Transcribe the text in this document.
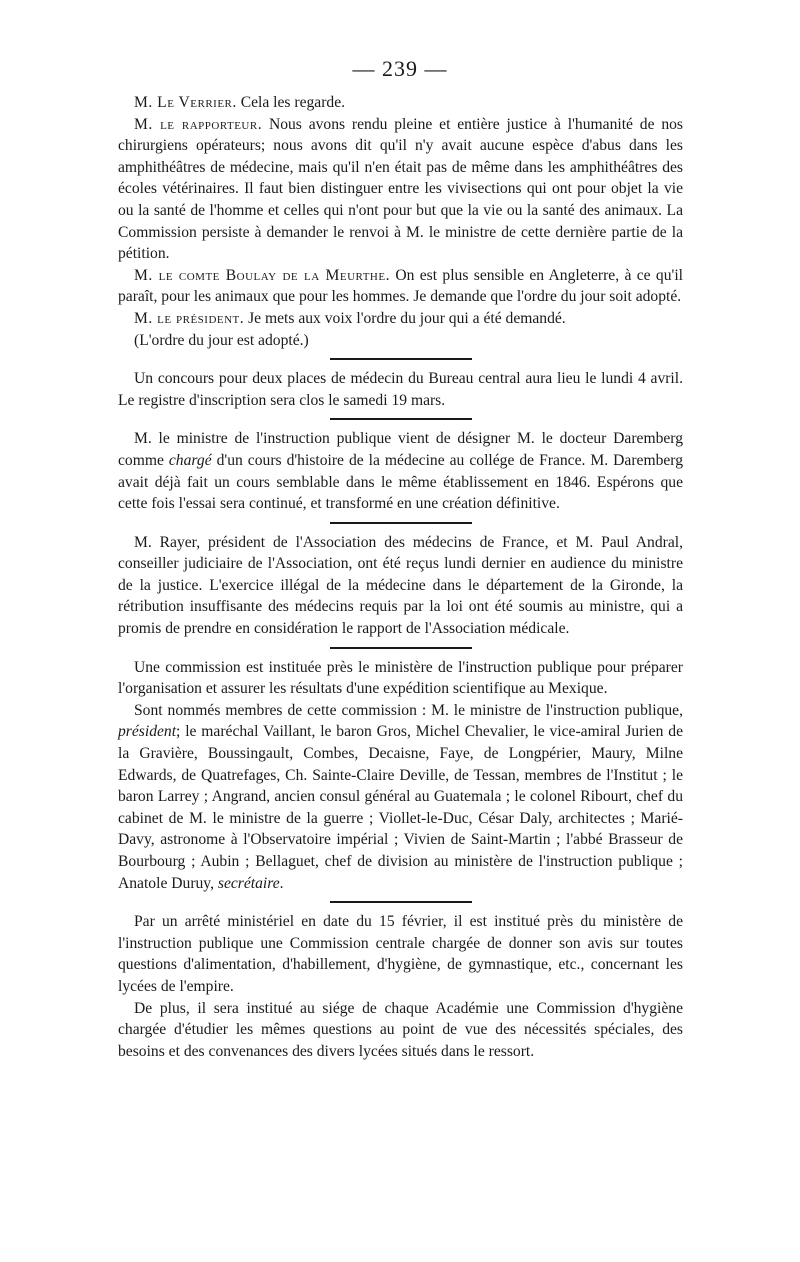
— 239 —

M. Le Verrier. Cela les regarde.

M. le rapporteur. Nous avons rendu pleine et entière justice à l'humanité de nos chirurgiens opérateurs; nous avons dit qu'il n'y avait aucune espèce d'abus dans les amphithéâtres de médecine, mais qu'il n'en était pas de même dans les amphithéâtres des écoles vétérinaires. Il faut bien distinguer entre les vivisections qui ont pour objet la vie ou la santé de l'homme et celles qui n'ont pour but que la vie ou la santé des animaux. La Commission persiste à demander le renvoi à M. le ministre de cette dernière partie de la pétition.

M. le comte Boulay de la Meurthe. On est plus sensible en Angleterre, à ce qu'il paraît, pour les animaux que pour les hommes. Je demande que l'ordre du jour soit adopté.

M. le président. Je mets aux voix l'ordre du jour qui a été demandé.

(L'ordre du jour est adopté.)

Un concours pour deux places de médecin du Bureau central aura lieu le lundi 4 avril. Le registre d'inscription sera clos le samedi 19 mars.

M. le ministre de l'instruction publique vient de désigner M. le docteur Daremberg comme chargé d'un cours d'histoire de la médecine au collége de France. M. Daremberg avait déjà fait un cours semblable dans le même établissement en 1846. Espérons que cette fois l'essai sera continué, et transformé en une création définitive.

M. Rayer, président de l'Association des médecins de France, et M. Paul Andral, conseiller judiciaire de l'Association, ont été reçus lundi dernier en audience du ministre de la justice. L'exercice illégal de la médecine dans le département de la Gironde, la rétribution insuffisante des médecins requis par la loi ont été soumis au ministre, qui a promis de prendre en considération le rapport de l'Association médicale.

Une commission est instituée près le ministère de l'instruction publique pour préparer l'organisation et assurer les résultats d'une expédition scientifique au Mexique.

Sont nommés membres de cette commission : M. le ministre de l'instruction publique, président; le maréchal Vaillant, le baron Gros, Michel Chevalier, le vice-amiral Jurien de la Gravière, Boussingault, Combes, Decaisne, Faye, de Longpérier, Maury, Milne Edwards, de Quatrefages, Ch. Sainte-Claire Deville, de Tessan, membres de l'Institut ; le baron Larrey ; Angrand, ancien consul général au Guatemala ; le colonel Ribourt, chef du cabinet de M. le ministre de la guerre ; Viollet-le-Duc, César Daly, architectes ; Marié-Davy, astronome à l'Observatoire impérial ; Vivien de Saint-Martin ; l'abbé Brasseur de Bourbourg ; Aubin ; Bellaguet, chef de division au ministère de l'instruction publique ; Anatole Duruy, secrétaire.

Par un arrêté ministériel en date du 15 février, il est institué près du ministère de l'instruction publique une Commission centrale chargée de donner son avis sur toutes questions d'alimentation, d'habillement, d'hygiène, de gymnastique, etc., concernant les lycées de l'empire.

De plus, il sera institué au siége de chaque Académie une Commission d'hygiène chargée d'étudier les mêmes questions au point de vue des nécessités spéciales, des besoins et des convenances des divers lycées situés dans le ressort.
